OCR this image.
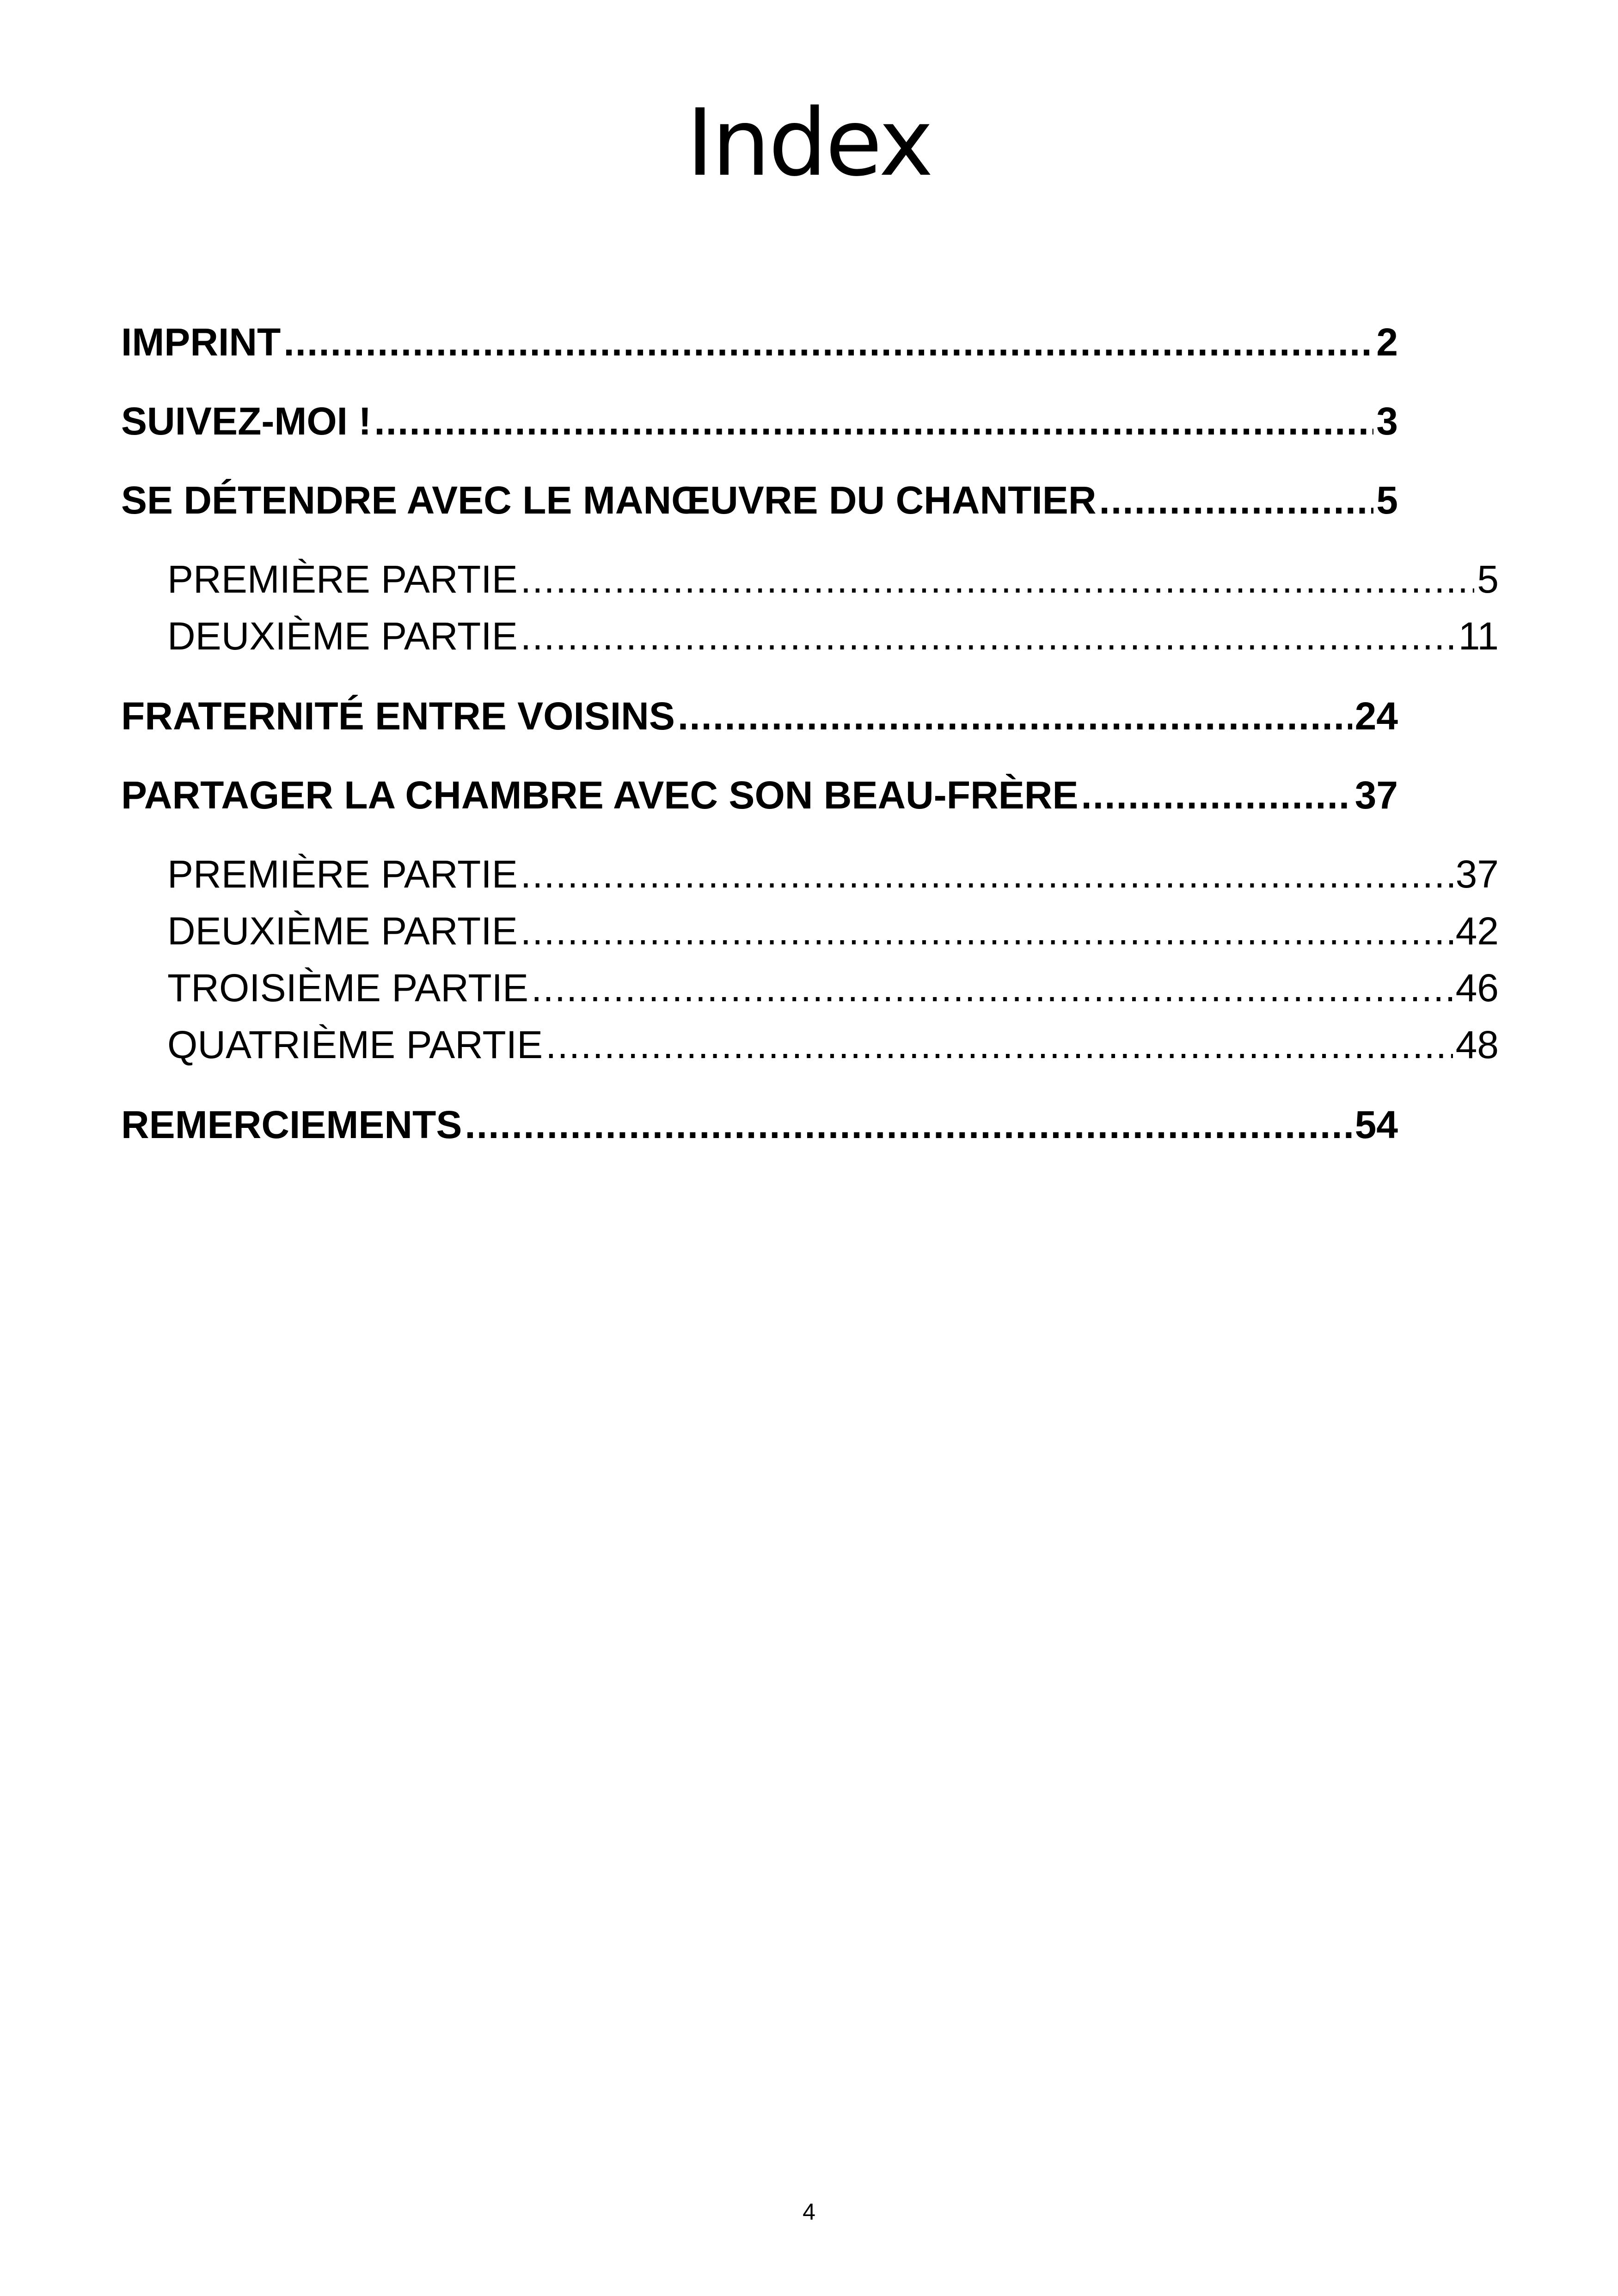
Index
IMPRINT .....	2
SUIVEZ-MOI ! .....	3
SE DÉTENDRE AVEC LE MANŒUVRE DU CHANTIER .....	5
PREMIÈRE PARTIE .....	5
DEUXIÈME PARTIE .....	11
FRATERNITÉ ENTRE VOISINS .....	24
PARTAGER LA CHAMBRE AVEC SON BEAU-FRÈRE .....	37
PREMIÈRE PARTIE .....	37
DEUXIÈME PARTIE .....	42
TROISIÈME PARTIE .....	46
QUATRIÈME PARTIE .....	48
REMERCIEMENTS .....	54
4
